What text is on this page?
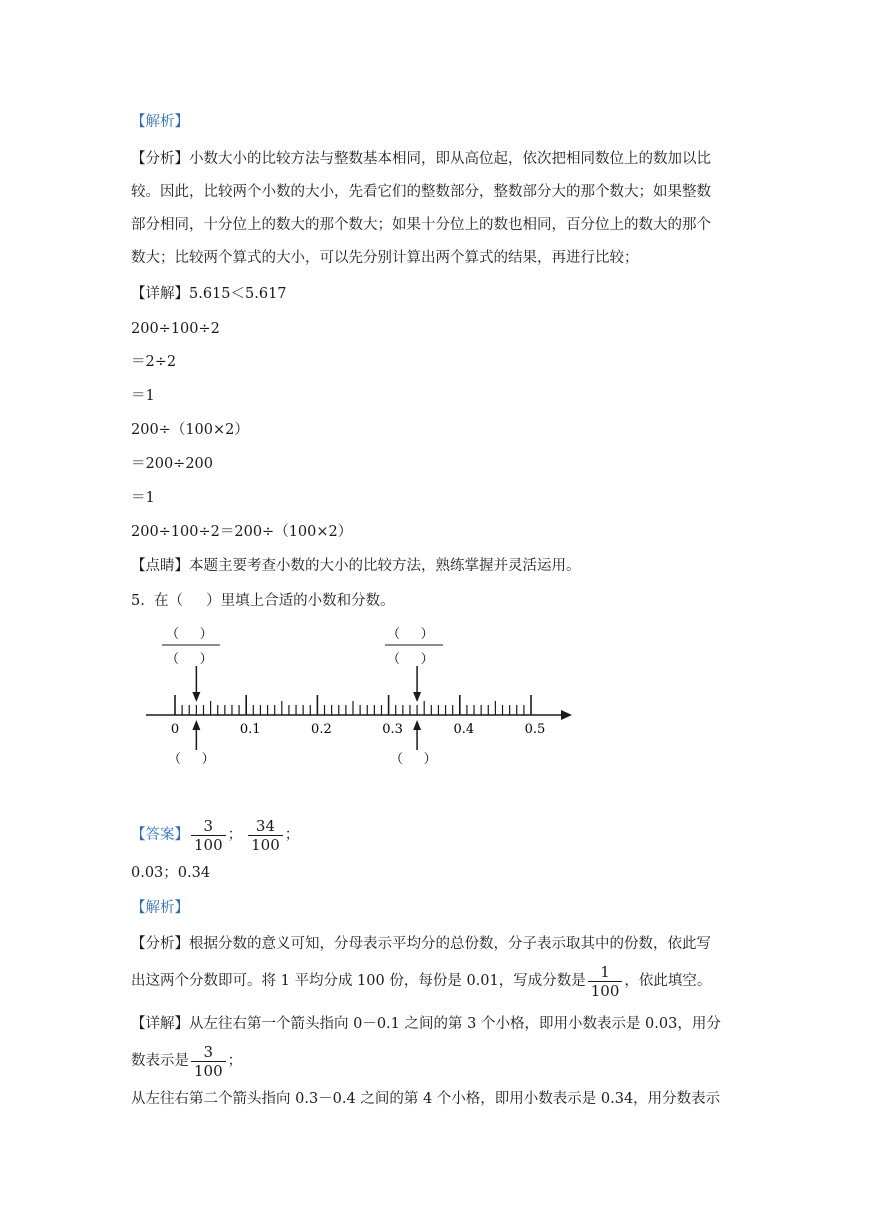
【解析】
【分析】小数大小的比较方法与整数基本相同，即从高位起，依次把相同数位上的数加以比
较。因此，比较两个小数的大小，先看它们的整数部分，整数部分大的那个数大；如果整数
部分相同，十分位上的数大的那个数大；如果十分位上的数也相同，百分位上的数大的那个
数大；比较两个算式的大小，可以先分别计算出两个算式的结果，再进行比较；
【详解】5.615＜5.617
200÷100÷2
＝2÷2
＝1
200÷（100×2）
＝200÷200
＝1
200÷100÷2＝200÷（100×2）
【点睛】本题主要考查小数的大小的比较方法，熟练掌握并灵活运用。
5.  在（     ）里填上合适的小数和分数。
（     ）
（     ）
（     ）
（     ）
0	0.1	0.2	0.3	0.4	0.5
（     ）	（     ）
【答案】 $\frac{3}{100}$ ； $\frac{34}{100}$ ；
0.03；0.34
【解析】
【分析】根据分数的意义可知，分母表示平均分的总份数，分子表示取其中的份数，依此写
出这两个分数即可。将 1 平均分成 100 份，每份是 0.01，写成分数是 $\frac{1}{100}$ ，依此填空。
【详解】从左往右第一个箭头指向 0－0.1 之间的第 3 个小格，即用小数表示是 0.03，用分
数表示是 $\frac{3}{100}$ ；
从左往右第二个箭头指向 0.3－0.4 之间的第 4 个小格，即用小数表示是 0.34，用分数表示
